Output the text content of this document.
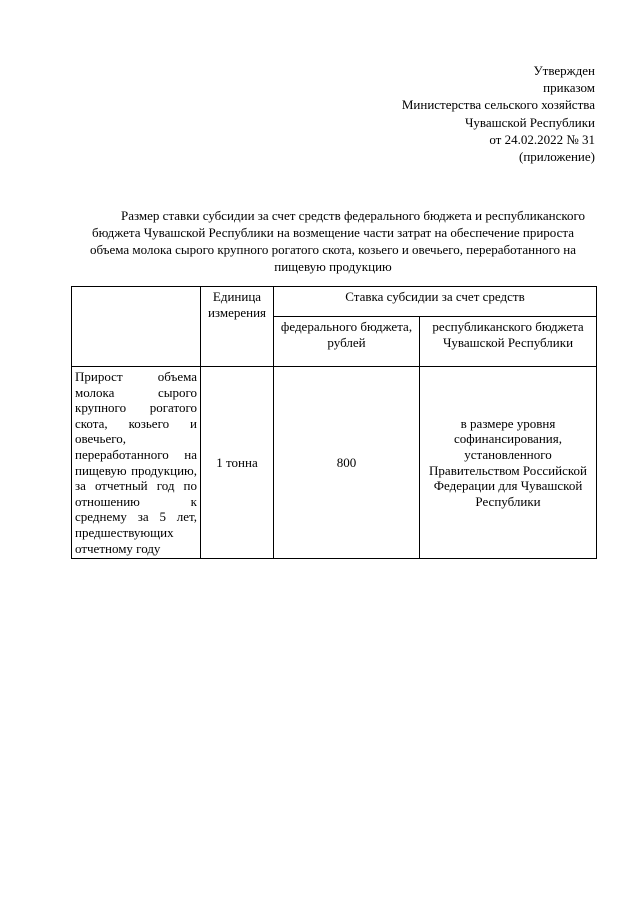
Утвержден
приказом
Министерства сельского хозяйства
Чувашской Республики
от 24.02.2022 № 31
(приложение)
Размер ставки субсидии за счет средств федерального бюджета и республиканского бюджета Чувашской Республики на возмещение части затрат на обеспечение прироста объема молока сырого крупного рогатого скота, козьего и овечьего, переработанного на пищевую продукцию
	Единица измерения	Ставка субсидии за счет средств	
		федерального бюджета, рублей	республиканского бюджета Чувашской Республики
Прирост объема молока сырого крупного рогатого скота, козьего и овечьего, переработанного на пищевую продукцию, за отчетный год по отношению к среднему за 5 лет, предшествующих отчетному году	1 тонна	800	в размере уровня софинансирования, установленного Правительством Российской Федерации для Чувашской Республики
